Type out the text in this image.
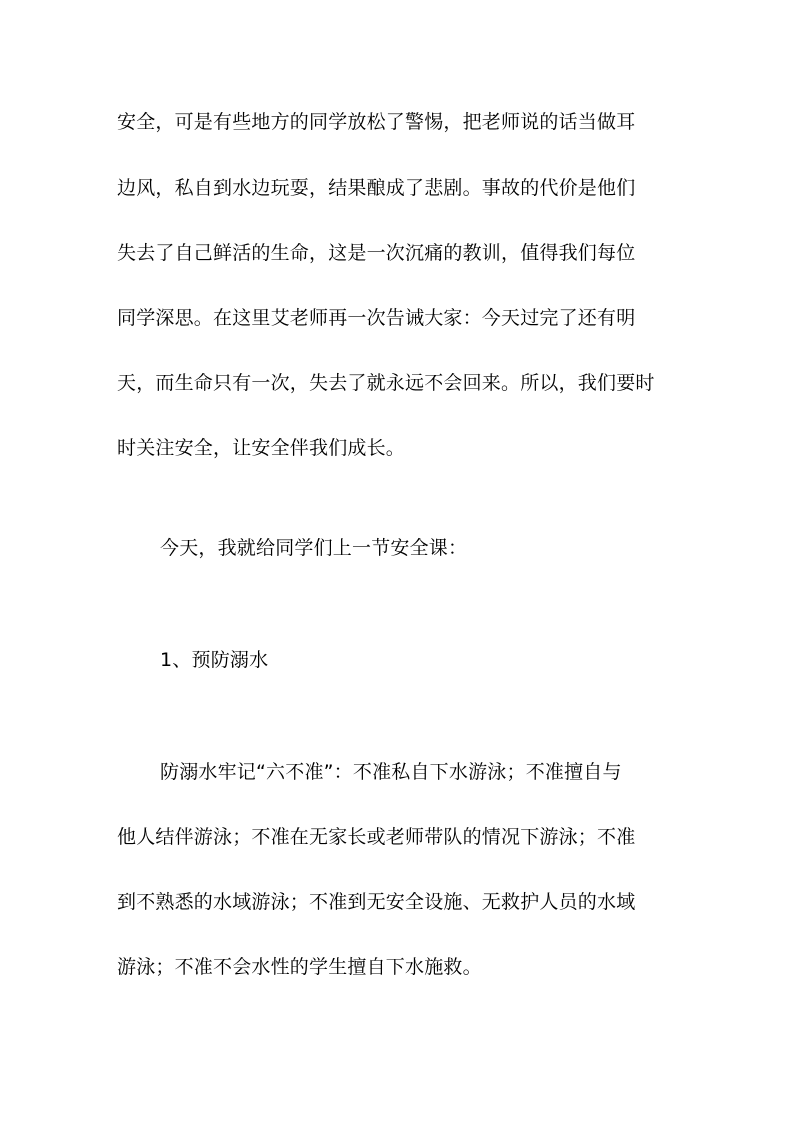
安全，可是有些地方的同学放松了警惕，把老师说的话当做耳
边风，私自到水边玩耍，结果酿成了悲剧。事故的代价是他们
失去了自己鲜活的生命，这是一次沉痛的教训，值得我们每位
同学深思。在这里艾老师再一次告诫大家：今天过完了还有明
天，而生命只有一次，失去了就永远不会回来。所以，我们要时
时关注安全，让安全伴我们成长。
今天，我就给同学们上一节安全课：
1、预防溺水
防溺水牢记“六不准”：不准私自下水游泳；不准擅自与
他人结伴游泳；不准在无家长或老师带队的情况下游泳；不准
到不熟悉的水域游泳；不准到无安全设施、无救护人员的水域
游泳；不准不会水性的学生擅自下水施救。
